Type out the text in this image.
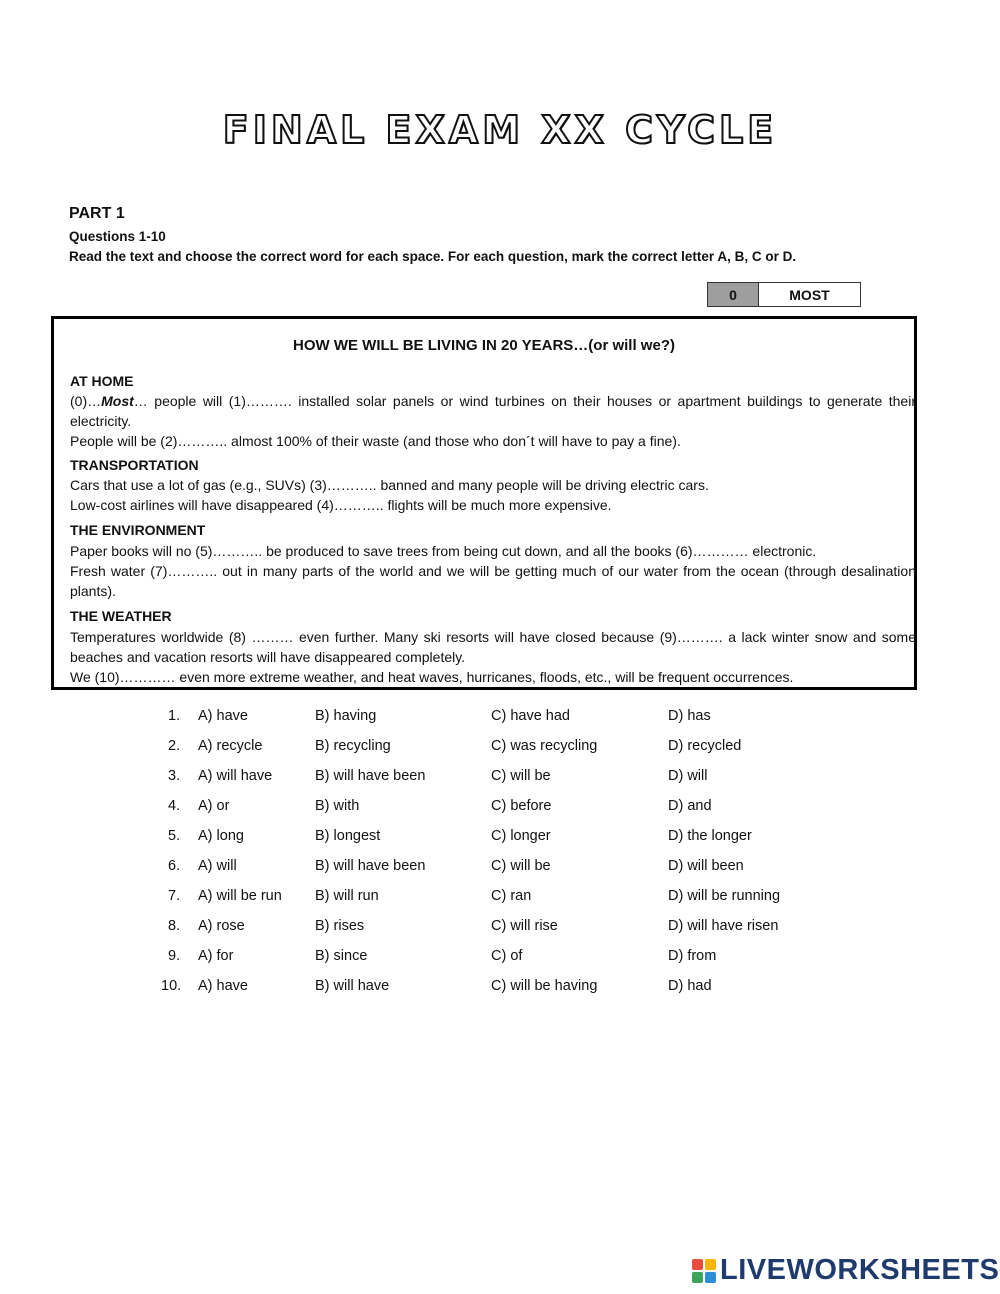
FINAL EXAM XX CYCLE
PART 1
Questions 1-10
Read the text and choose the correct word for each space. For each question, mark the correct letter A, B, C or D.
0	MOST
HOW WE WILL BE LIVING IN 20 YEARS…(or will we?)
AT HOME
(0)…Most… people will (1)………. installed solar panels or wind turbines on their houses or apartment buildings to generate their electricity.
People will be (2)……….. almost 100% of their waste (and those who don´t will have to pay a fine).
TRANSPORTATION
Cars that use a lot of gas (e.g., SUVs) (3)……….. banned and many people will be driving electric cars.
Low-cost airlines will have disappeared (4)……….. flights will be much more expensive.
THE ENVIRONMENT
Paper books will no (5)……….. be produced to save trees from being cut down, and all the books (6)………… electronic.
Fresh water (7)……….. out in many parts of the world and we will be getting much of our water from the ocean (through desalination plants).
THE WEATHER
Temperatures worldwide (8) ……… even further. Many ski resorts will have closed because (9)………. a lack winter snow and some beaches and vacation resorts will have disappeared completely.
We (10)………… even more extreme weather, and heat waves, hurricanes, floods, etc., will be frequent occurrences.
1. A) have	B) having	C) have had	D) has
2. A) recycle	B) recycling	C) was recycling	D) recycled
3. A) will have	B) will have been	C) will be	D) will
4. A) or	B) with	C) before	D) and
5. A) long	B) longest	C) longer	D) the longer
6. A) will	B) will have been	C) will be	D) will been
7. A) will be run B) will run	C) ran	D) will be running
8. A) rose	B) rises	C) will rise	D) will have risen
9. A) for	B) since	C) of	D) from
10. A) have	B) will have	C) will be having	D) had
LIVEWORKSHEETS
